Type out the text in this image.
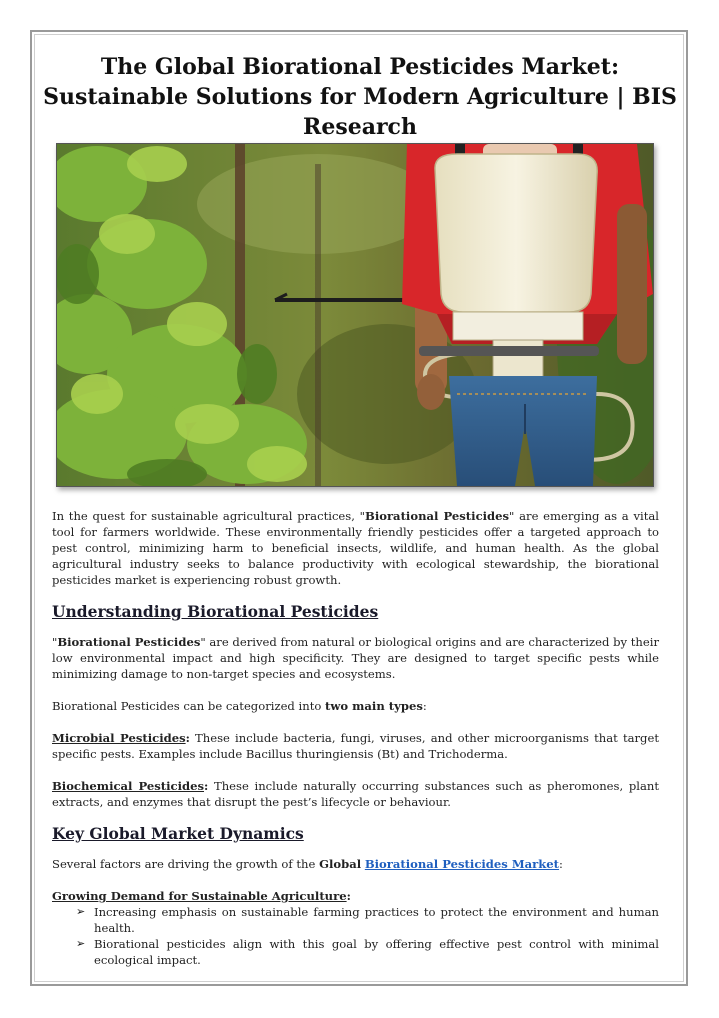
The Global Biorational Pesticides Market: Sustainable Solutions for Modern Agriculture | BIS Research

In the quest for sustainable agricultural practices, "Biorational Pesticides" are emerging as a vital tool for farmers worldwide. These environmentally friendly pesticides offer a targeted approach to pest control, minimizing harm to beneficial insects, wildlife, and human health. As the global agricultural industry seeks to balance productivity with ecological stewardship, the biorational pesticides market is experiencing robust growth.

Understanding Biorational Pesticides

"Biorational Pesticides" are derived from natural or biological origins and are characterized by their low environmental impact and high specificity. They are designed to target specific pests while minimizing damage to non-target species and ecosystems.

Biorational Pesticides can be categorized into two main types:

Microbial Pesticides: These include bacteria, fungi, viruses, and other microorganisms that target specific pests. Examples include Bacillus thuringiensis (Bt) and Trichoderma.

Biochemical Pesticides: These include naturally occurring substances such as pheromones, plant extracts, and enzymes that disrupt the pest’s lifecycle or behaviour.

Key Global Market Dynamics

Several factors are driving the growth of the Global Biorational Pesticides Market:

Growing Demand for Sustainable Agriculture:

➢ Increasing emphasis on sustainable farming practices to protect the environment and human health.
➢ Biorational pesticides align with this goal by offering effective pest control with minimal ecological impact.
